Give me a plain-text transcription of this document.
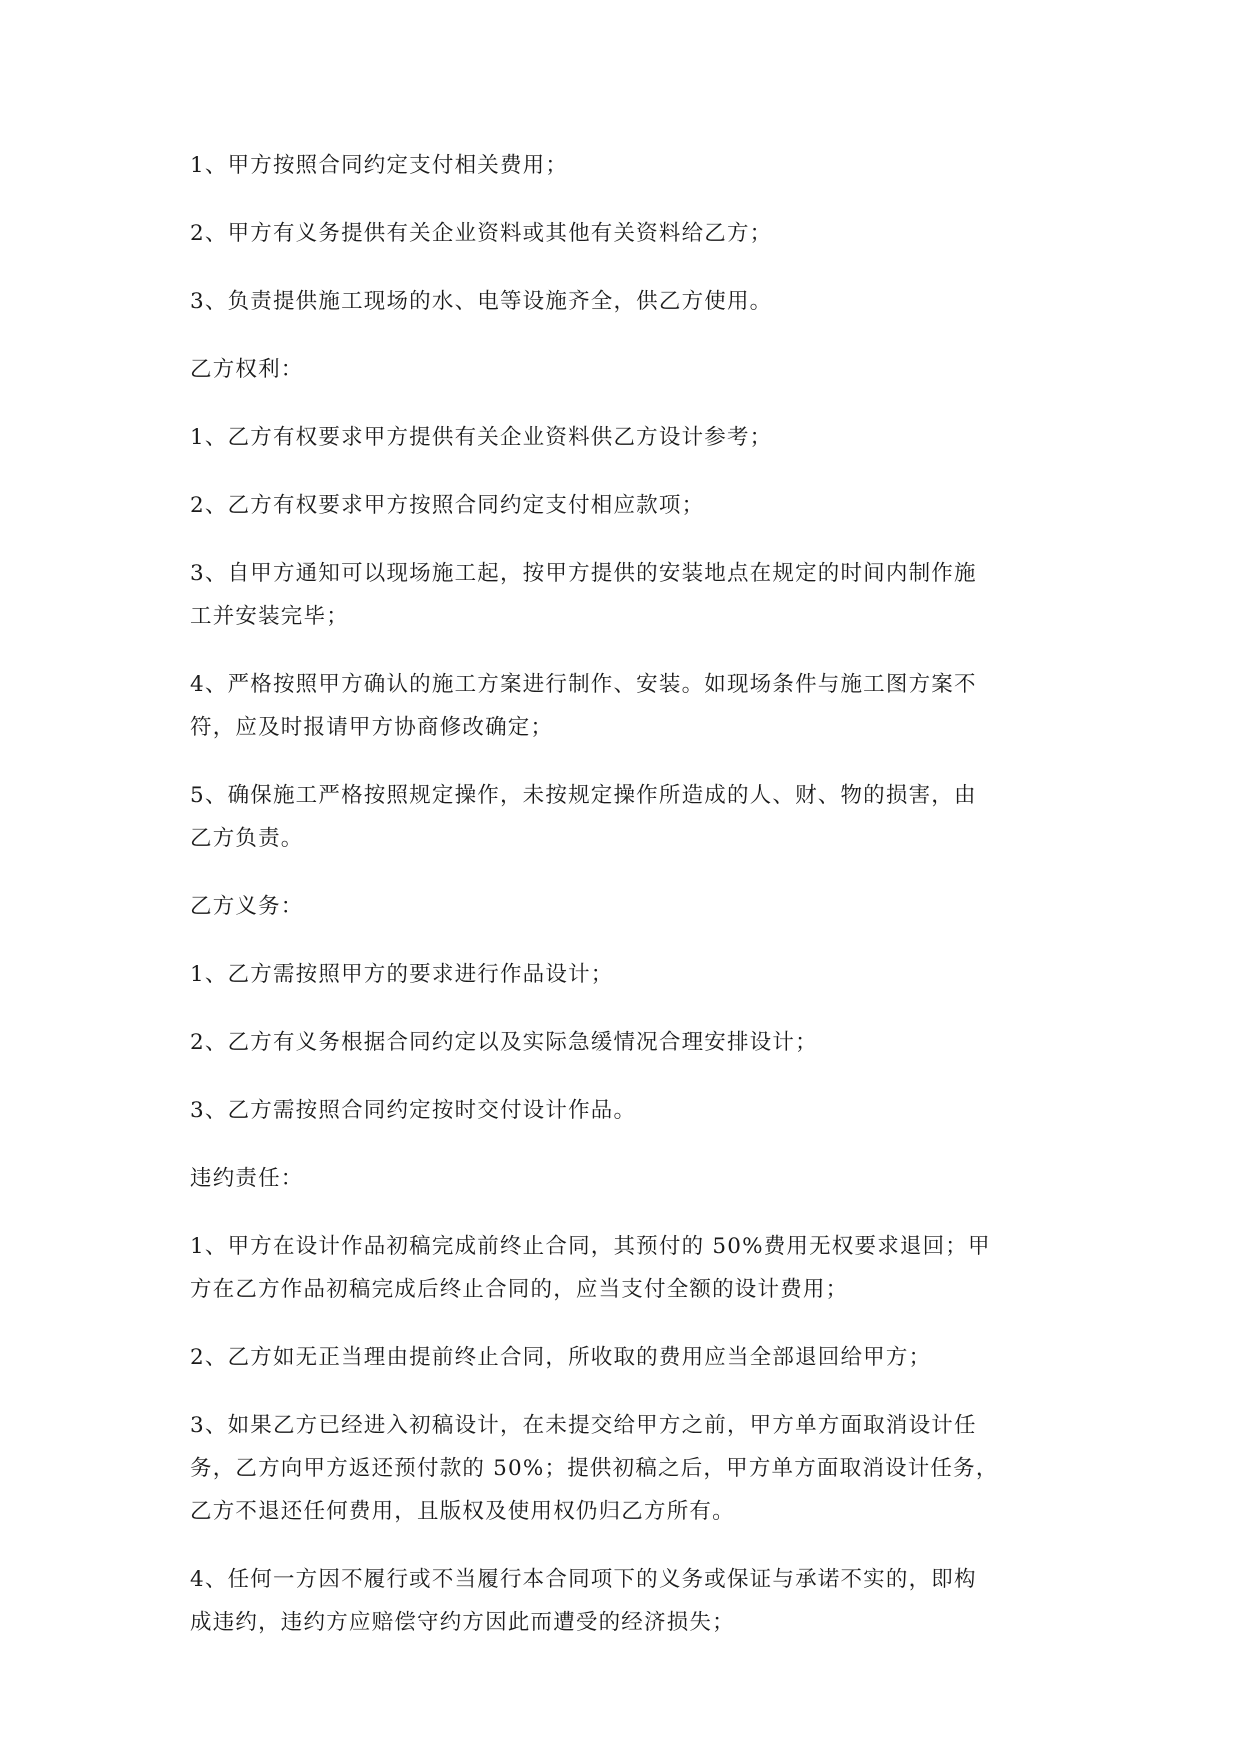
1、甲方按照合同约定支付相关费用；
2、甲方有义务提供有关企业资料或其他有关资料给乙方；
3、负责提供施工现场的水、电等设施齐全，供乙方使用。
乙方权利：
1、乙方有权要求甲方提供有关企业资料供乙方设计参考；
2、乙方有权要求甲方按照合同约定支付相应款项；
3、自甲方通知可以现场施工起，按甲方提供的安装地点在规定的时间内制作施
工并安装完毕；
4、严格按照甲方确认的施工方案进行制作、安装。如现场条件与施工图方案不
符，应及时报请甲方协商修改确定；
5、确保施工严格按照规定操作，未按规定操作所造成的人、财、物的损害，由
乙方负责。
乙方义务：
1、乙方需按照甲方的要求进行作品设计；
2、乙方有义务根据合同约定以及实际急缓情况合理安排设计；
3、乙方需按照合同约定按时交付设计作品。
违约责任：
1、甲方在设计作品初稿完成前终止合同，其预付的 50%费用无权要求退回；甲
方在乙方作品初稿完成后终止合同的，应当支付全额的设计费用；
2、乙方如无正当理由提前终止合同，所收取的费用应当全部退回给甲方；
3、如果乙方已经进入初稿设计，在未提交给甲方之前，甲方单方面取消设计任
务，乙方向甲方返还预付款的 50%；提供初稿之后，甲方单方面取消设计任务，
乙方不退还任何费用，且版权及使用权仍归乙方所有。
4、任何一方因不履行或不当履行本合同项下的义务或保证与承诺不实的，即构
成违约，违约方应赔偿守约方因此而遭受的经济损失；
